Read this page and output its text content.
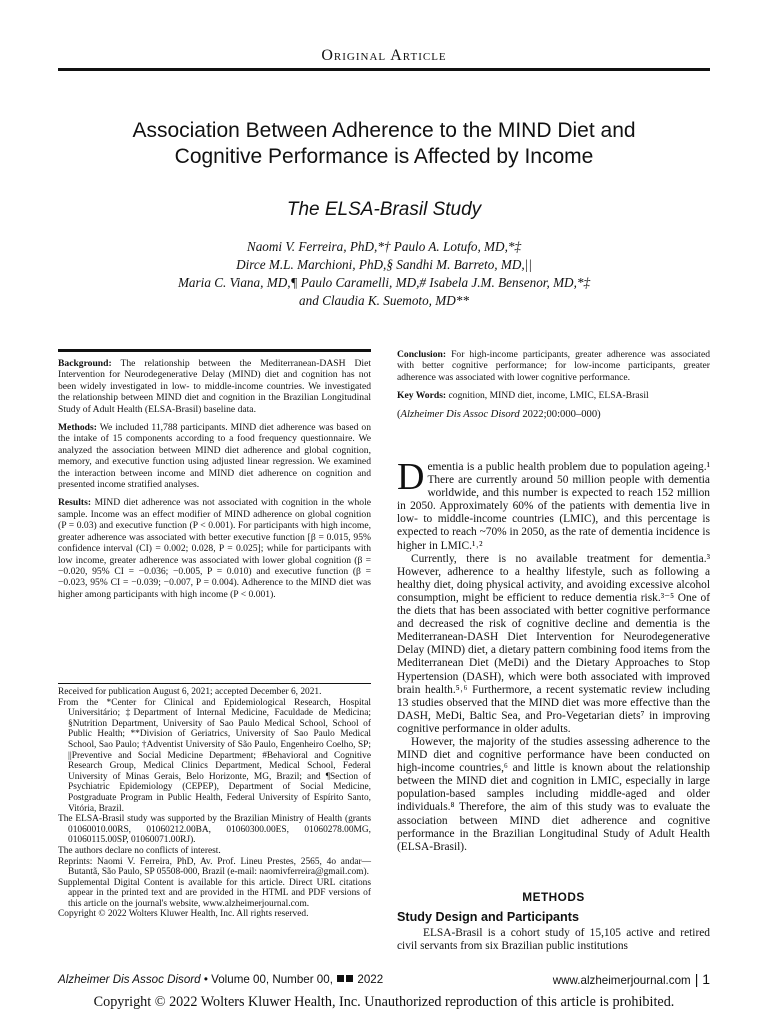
Original Article
Association Between Adherence to the MIND Diet and Cognitive Performance is Affected by Income
The ELSA-Brasil Study
Naomi V. Ferreira, PhD,*† Paulo A. Lotufo, MD,*‡
Dirce M.L. Marchioni, PhD,§ Sandhi M. Barreto, MD,||
Maria C. Viana, MD,¶ Paulo Caramelli, MD,# Isabela J.M. Bensenor, MD,*‡
and Claudia K. Suemoto, MD**

Background: The relationship between the Mediterranean-DASH Diet Intervention for Neurodegenerative Delay (MIND) diet and cognition has not been widely investigated in low- to middle-income countries. We investigated the relationship between MIND diet and cognition in the Brazilian Longitudinal Study of Adult Health (ELSA-Brasil) baseline data.

Methods: We included 11,788 participants. MIND diet adherence was based on the intake of 15 components according to a food frequency questionnaire. We analyzed the association between MIND diet adherence and global cognition, memory, and executive function using adjusted linear regression. We examined the interaction between income and MIND diet adherence on cognition and presented income stratified analyses.

Results: MIND diet adherence was not associated with cognition in the whole sample. Income was an effect modifier of MIND adherence on global cognition (P = 0.03) and executive function (P < 0.001). For participants with high income, greater adherence was associated with better executive function [β = 0.015, 95% confidence interval (CI) = 0.002; 0.028, P = 0.025]; while for participants with low income, greater adherence was associated with lower global cognition (β = −0.020, 95% CI = −0.036; −0.005, P = 0.010) and executive function (β = −0.023, 95% CI = −0.039; −0.007, P = 0.004). Adherence to the MIND diet was higher among participants with high income (P < 0.001).

Conclusion: For high-income participants, greater adherence was associated with better cognitive performance; for low-income participants, greater adherence was associated with lower cognitive performance.

Key Words: cognition, MIND diet, income, LMIC, ELSA-Brasil

(Alzheimer Dis Assoc Disord 2022;00:000–000)

Received for publication August 6, 2021; accepted December 6, 2021.

From the *Center for Clinical and Epidemiological Research, Hospital Universitário; ‡Department of Internal Medicine, Faculdade de Medicina; §Nutrition Department, University of Sao Paulo Medical School, School of Public Health; **Division of Geriatrics, University of Sao Paulo Medical School, Sao Paulo; †Adventist University of São Paulo, Engenheiro Coelho, SP; ||Preventive and Social Medicine Department; #Behavioral and Cognitive Research Group, Medical Clinics Department, Medical School, Federal University of Minas Gerais, Belo Horizonte, MG, Brazil; and ¶Section of Psychiatric Epidemiology (CEPEP), Department of Social Medicine, Postgraduate Program in Public Health, Federal University of Espírito Santo, Vitória, Brazil.

The ELSA-Brasil study was supported by the Brazilian Ministry of Health (grants 01060010.00RS, 01060212.00BA, 01060300.00ES, 01060278.00MG, 01060115.00SP, 01060071.00RJ).

The authors declare no conflicts of interest.

Reprints: Naomi V. Ferreira, PhD, Av. Prof. Lineu Prestes, 2565, 4o andar—Butantã, São Paulo, SP 05508-000, Brazil (e-mail: naomivferreira@gmail.com).

Supplemental Digital Content is available for this article. Direct URL citations appear in the printed text and are provided in the HTML and PDF versions of this article on the journal's website, www.alzheimerjournal.com.

Copyright © 2022 Wolters Kluwer Health, Inc. All rights reserved.

Dementia is a public health problem due to population ageing.¹ There are currently around 50 million people with dementia worldwide, and this number is expected to reach 152 million in 2050. Approximately 60% of the patients with dementia live in low- to middle-income countries (LMIC), and this percentage is expected to reach ~70% in 2050, as the rate of dementia incidence is higher in LMIC.¹˒²

Currently, there is no available treatment for dementia.³ However, adherence to a healthy lifestyle, such as following a healthy diet, doing physical activity, and avoiding excessive alcohol consumption, might be efficient to reduce dementia risk.³⁻⁵ One of the diets that has been associated with better cognitive performance and decreased the risk of cognitive decline and dementia is the Mediterranean-DASH Diet Intervention for Neurodegenerative Delay (MIND) diet, a dietary pattern combining food items from the Mediterranean Diet (MeDi) and the Dietary Approaches to Stop Hypertension (DASH), which were both associated with improved brain health.⁵˒⁶ Furthermore, a recent systematic review including 13 studies observed that the MIND diet was more effective than the DASH, MeDi, Baltic Sea, and Pro-Vegetarian diets⁷ in improving cognitive performance in older adults.

However, the majority of the studies assessing adherence to the MIND diet and cognitive performance have been conducted on high-income countries,⁶ and little is known about the relationship between the MIND diet and cognition in LMIC, especially in large population-based samples including middle-aged and older individuals.⁸ Therefore, the aim of this study was to evaluate the association between MIND diet adherence and cognitive performance in the Brazilian Longitudinal Study of Adult Health (ELSA-Brasil).

METHODS
Study Design and Participants
ELSA-Brasil is a cohort study of 15,105 active and retired civil servants from six Brazilian public institutions
Alzheimer Dis Assoc Disord • Volume 00, Number 00, 2022	www.alzheimerjournal.com | 1
Copyright © 2022 Wolters Kluwer Health, Inc. Unauthorized reproduction of this article is prohibited.
